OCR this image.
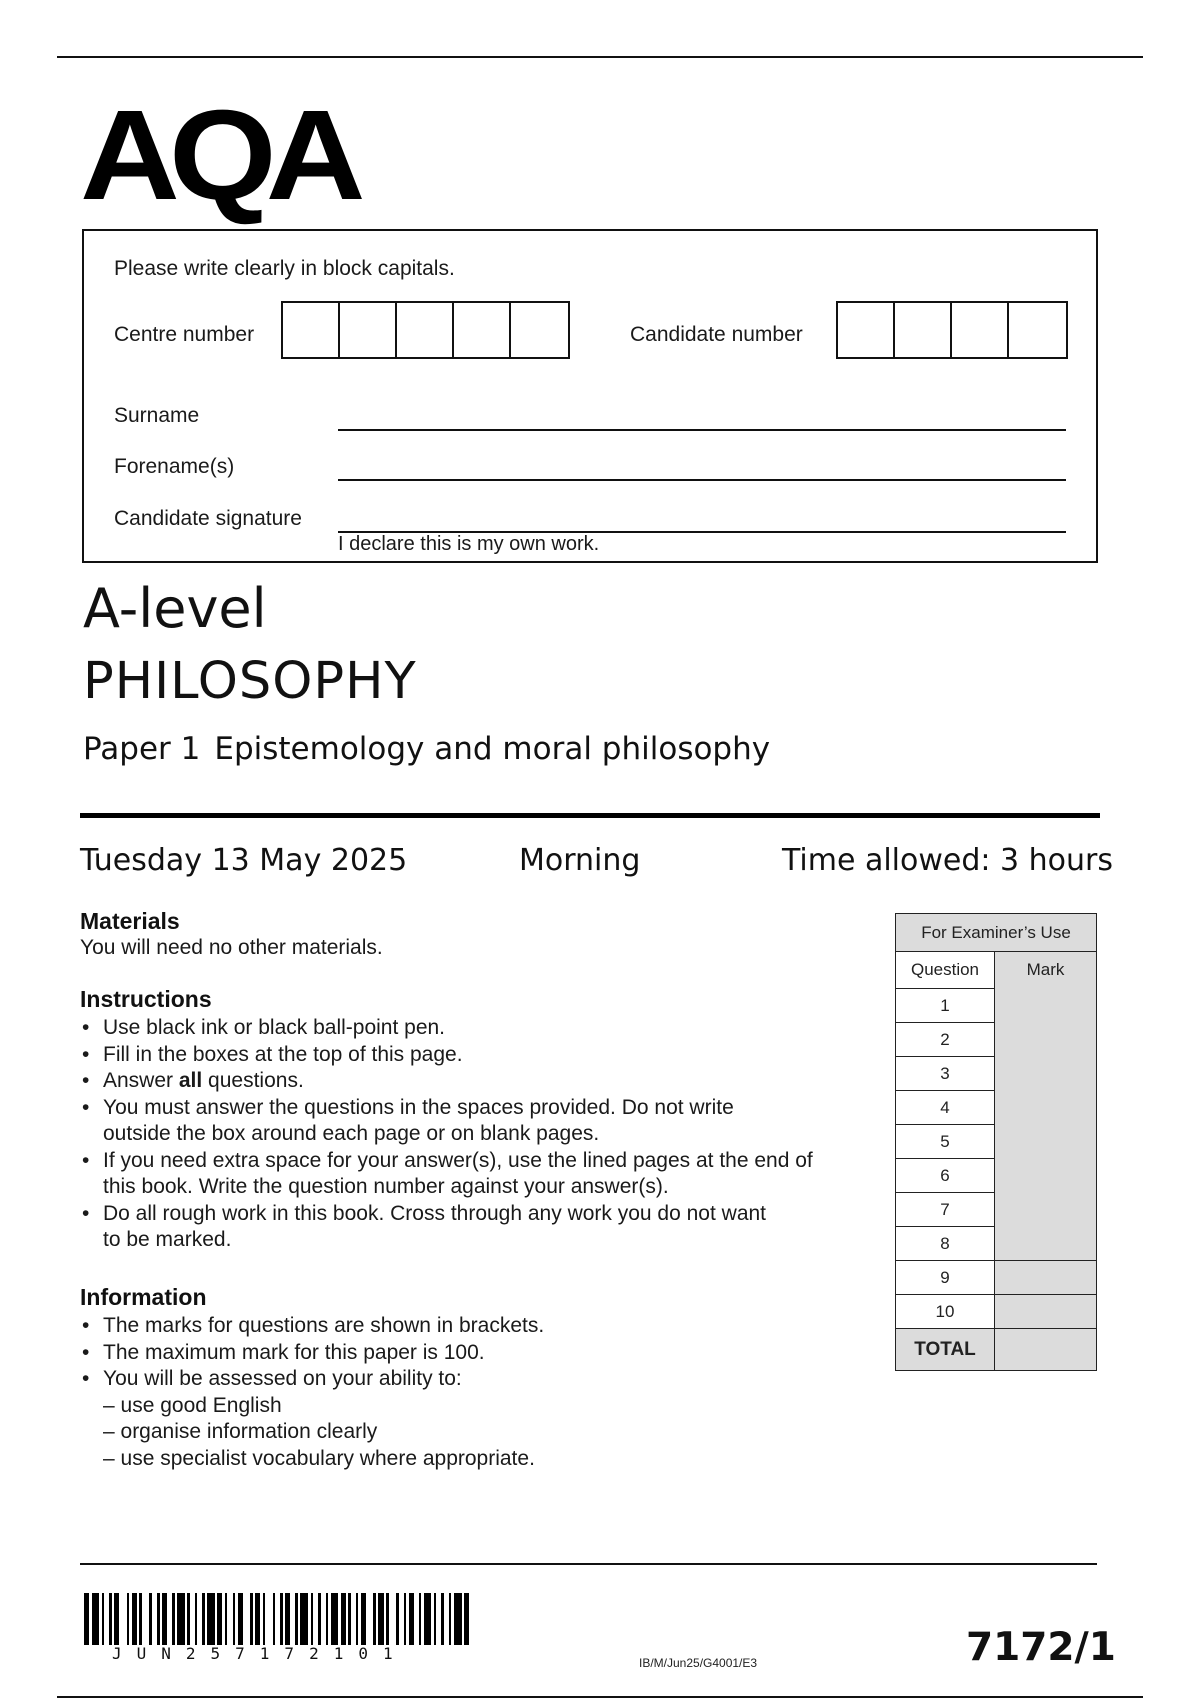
AQA
Please write clearly in block capitals.
Centre number	Candidate number
Surname
Forename(s)
Candidate signature
I declare this is my own work.
A-level
PHILOSOPHY
Paper 1 Epistemology and moral philosophy
Tuesday 13 May 2025	Morning	Time allowed: 3 hours
Materials
You will need no other materials.
Instructions
• Use black ink or black ball-point pen.
• Fill in the boxes at the top of this page.
• Answer all questions.
• You must answer the questions in the spaces provided. Do not write
outside the box around each page or on blank pages.
• If you need extra space for your answer(s), use the lined pages at the end of
this book. Write the question number against your answer(s).
• Do all rough work in this book. Cross through any work you do not want
to be marked.
Information
• The marks for questions are shown in brackets.
• The maximum mark for this paper is 100.
• You will be assessed on your ability to:
– use good English
– organise information clearly
– use specialist vocabulary where appropriate.
For Examiner’s Use	
Question	Mark
1	
2	
3	
4	
5	
6	
7	
8	
9	
10	
TOTAL	
JUN257172101	IB/M/Jun25/G4001/E3	7172/1
